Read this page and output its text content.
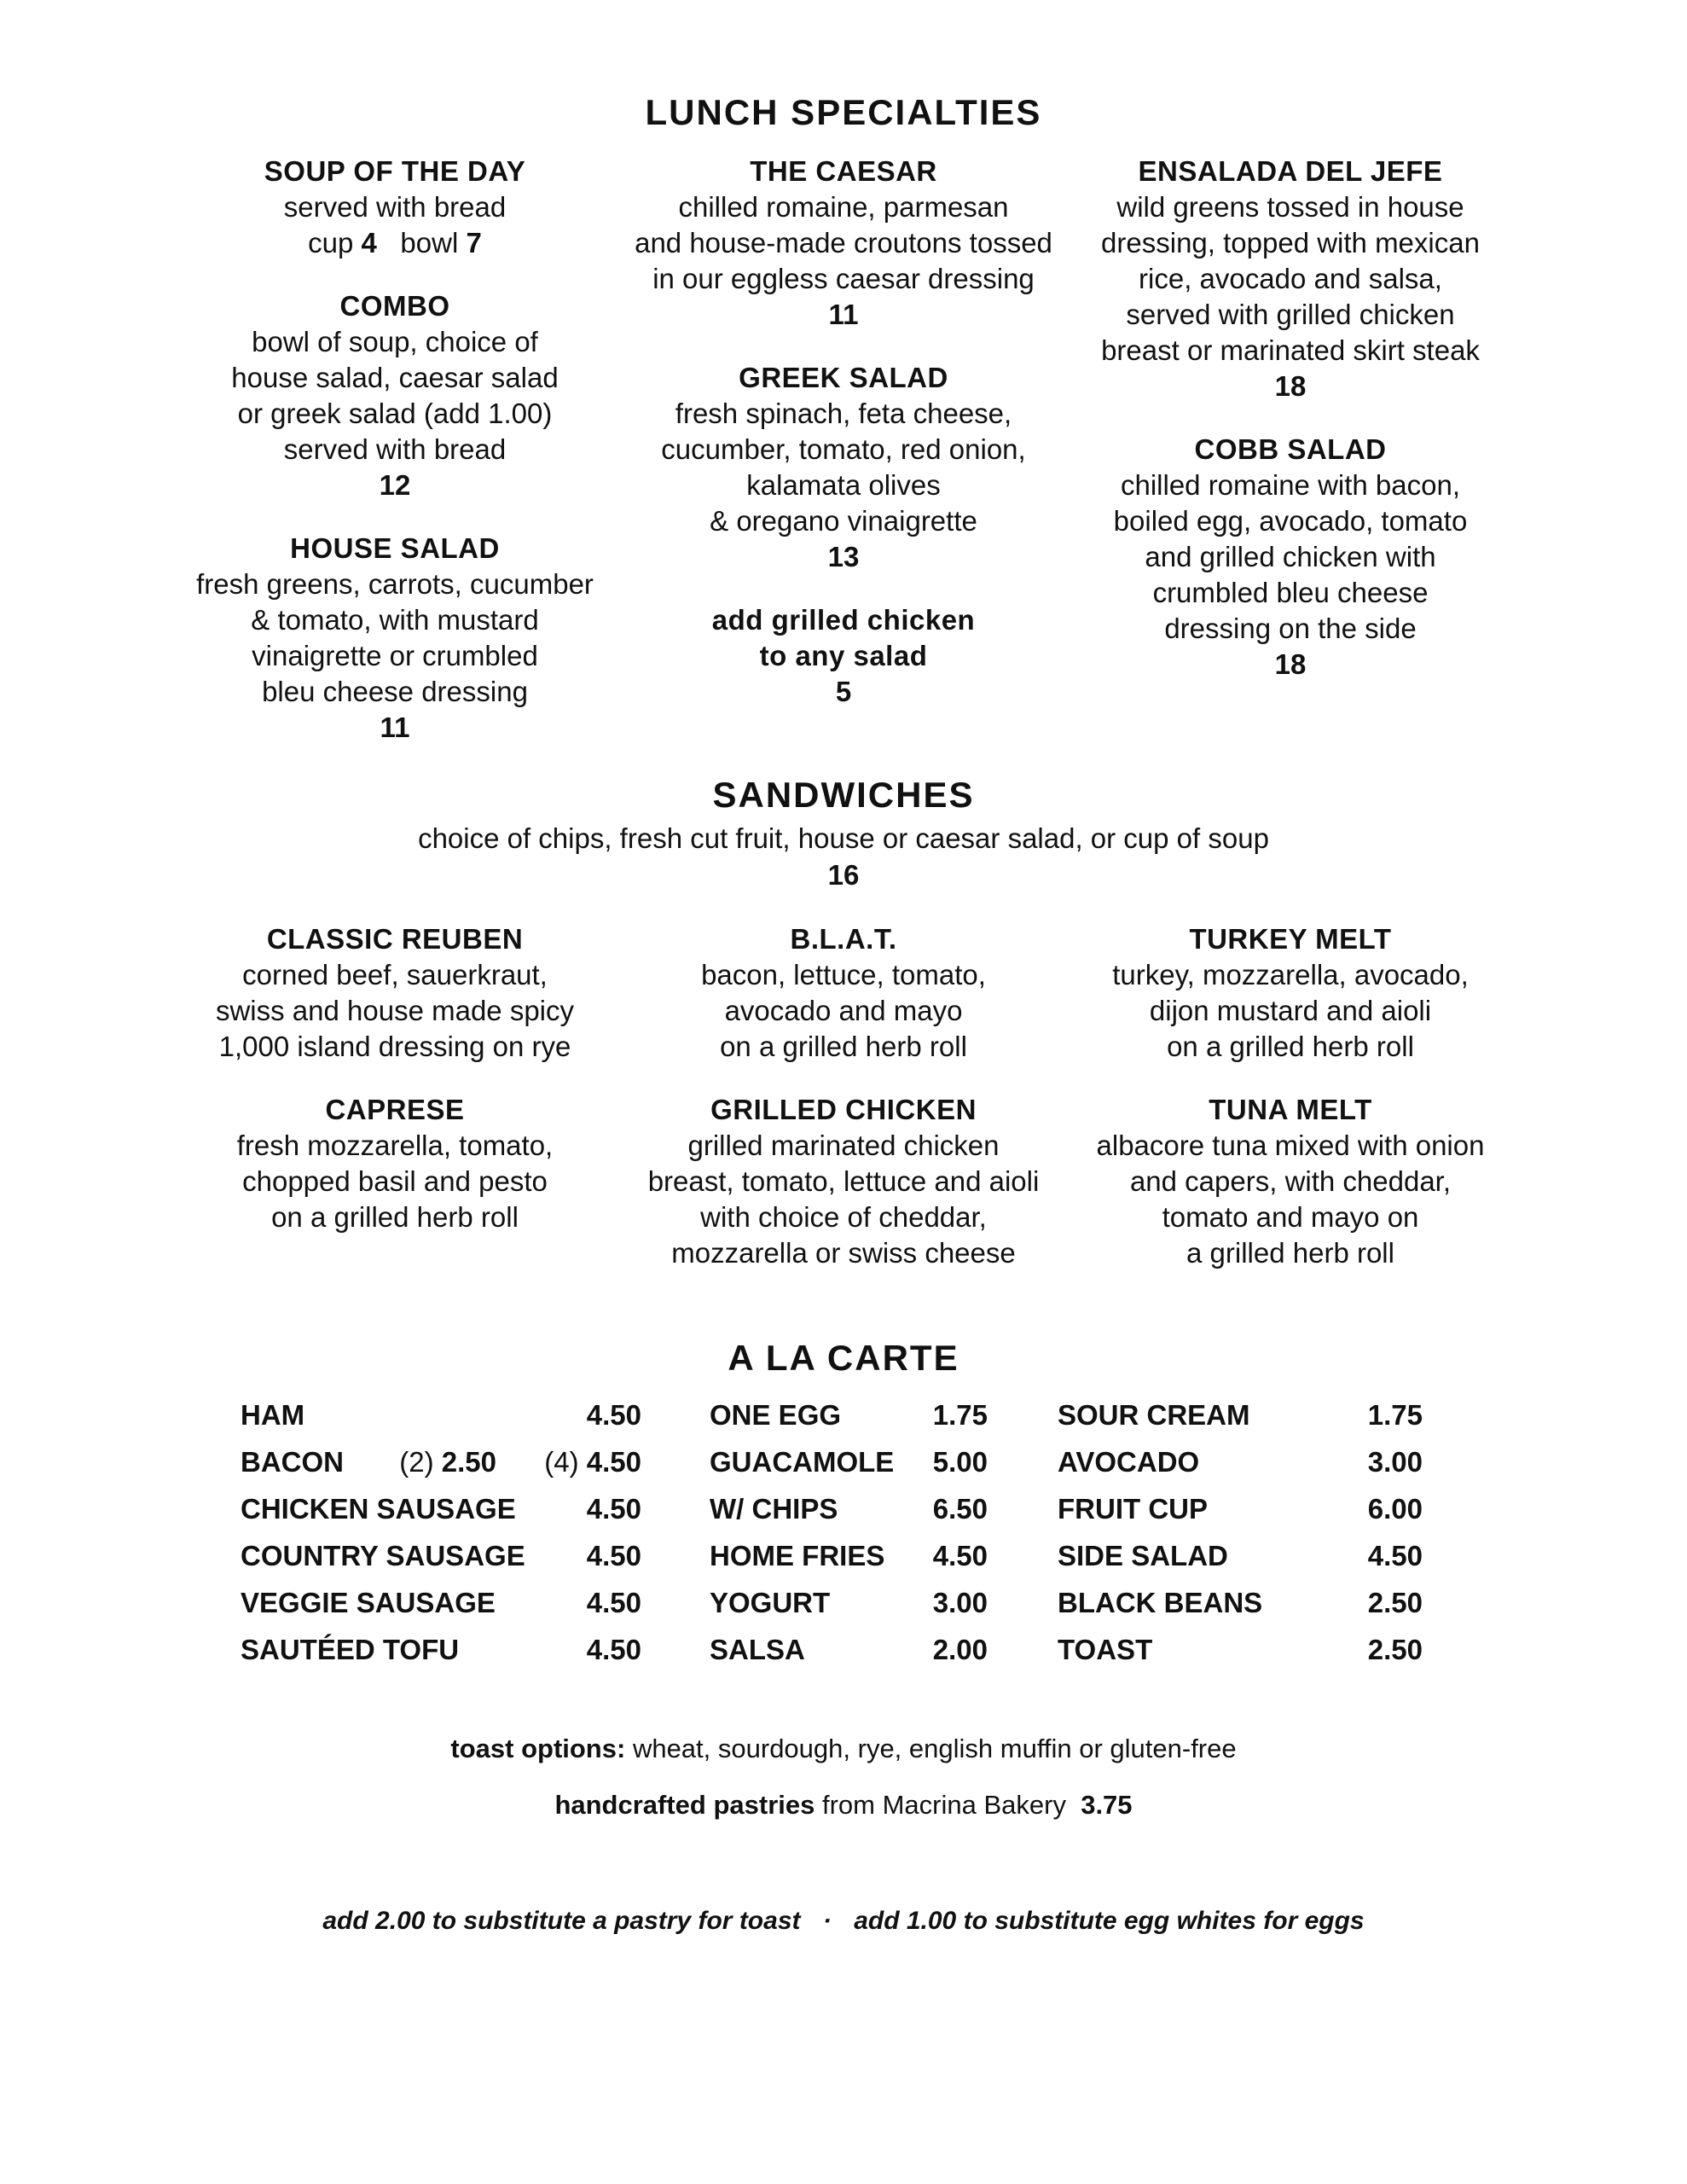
LUNCH SPECIALTIES
SOUP OF THE DAY
served with bread
cup 4 bowl 7
COMBO
bowl of soup, choice of
house salad, caesar salad
or greek salad (add 1.00)
served with bread
12
HOUSE SALAD
fresh greens, carrots, cucumber
& tomato, with mustard
vinaigrette or crumbled
bleu cheese dressing
11
THE CAESAR
chilled romaine, parmesan
and house-made croutons tossed
in our eggless caesar dressing
11
GREEK SALAD
fresh spinach, feta cheese,
cucumber, tomato, red onion,
kalamata olives
& oregano vinaigrette
13
add grilled chicken
to any salad
5
ENSALADA DEL JEFE
wild greens tossed in house
dressing, topped with mexican
rice, avocado and salsa,
served with grilled chicken
breast or marinated skirt steak
18
COBB SALAD
chilled romaine with bacon,
boiled egg, avocado, tomato
and grilled chicken with
crumbled bleu cheese
dressing on the side
18
SANDWICHES
choice of chips, fresh cut fruit, house or caesar salad, or cup of soup
16
CLASSIC REUBEN
corned beef, sauerkraut,
swiss and house made spicy
1,000 island dressing on rye
CAPRESE
fresh mozzarella, tomato,
chopped basil and pesto
on a grilled herb roll
B.L.A.T.
bacon, lettuce, tomato,
avocado and mayo
on a grilled herb roll
GRILLED CHICKEN
grilled marinated chicken
breast, tomato, lettuce and aioli
with choice of cheddar,
mozzarella or swiss cheese
TURKEY MELT
turkey, mozzarella, avocado,
dijon mustard and aioli
on a grilled herb roll
TUNA MELT
albacore tuna mixed with onion
and capers, with cheddar,
tomato and mayo on
a grilled herb roll
A LA CARTE
HAM	4.50
BACON (2) 2.50 (4) 4.50
CHICKEN SAUSAGE	4.50
COUNTRY SAUSAGE 4.50
VEGGIE SAUSAGE	4.50
SAUTÉED TOFU	4.50
ONE EGG	1.75
GUACAMOLE 5.00
W/ CHIPS	6.50
HOME FRIES 4.50
YOGURT	3.00
SALSA	2.00
SOUR CREAM	1.75
AVOCADO	3.00
FRUIT CUP	6.00
SIDE SALAD	4.50
BLACK BEANS	2.50
TOAST	2.50
toast options: wheat, sourdough, rye, english muffin or gluten-free
handcrafted pastries from Macrina Bakery 3.75
add 2.00 to substitute a pastry for toast · add 1.00 to substitute egg whites for eggs
